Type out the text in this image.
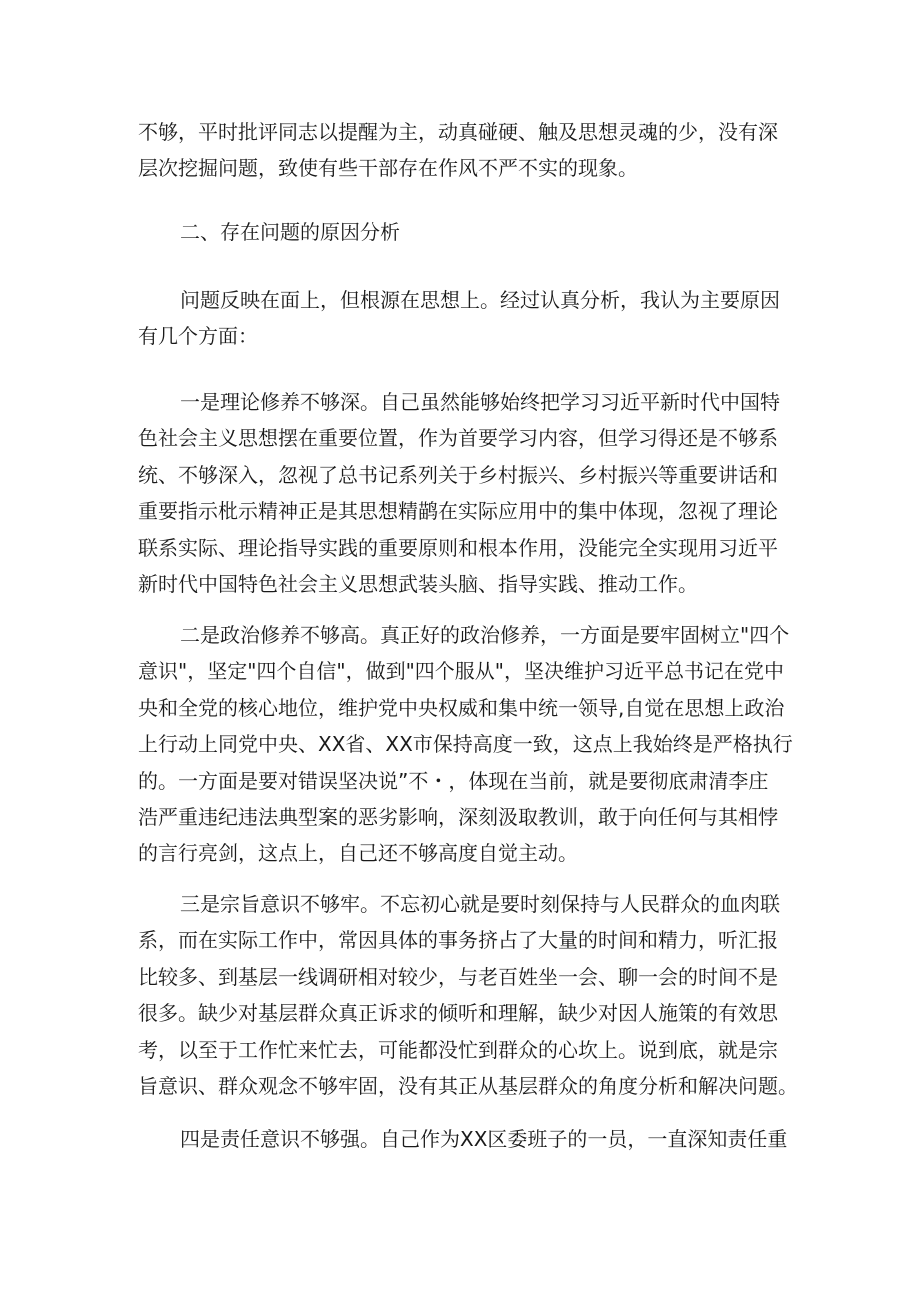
不够，平时批评同志以提醒为主，动真碰硬、触及思想灵魂的少，没有深
层次挖掘问题，致使有些干部存在作风不严不实的现象。

二、存在问题的原因分析

问题反映在面上，但根源在思想上。经过认真分析，我认为主要原因
有几个方面：

一是理论修养不够深。自己虽然能够始终把学习习近平新时代中国特
色社会主义思想摆在重要位置，作为首要学习内容，但学习得还是不够系
统、不够深入，忽视了总书记系列关于乡村振兴、乡村振兴等重要讲话和
重要指示枇示精神正是其思想精鹋在实际应用中的集中体现，忽视了理论
联系实际、理论指导实践的重要原则和根本作用，没能完全实现用习近平
新时代中国特色社会主义思想武装头脑、指导实践、推动工作。

二是政治修养不够高。真正好的政治修养，一方面是要牢固树立"四个
意识"，坚定"四个自信"，做到"四个服从"，坚决维护习近平总书记在党中
央和全党的核心地位，维护党中央权威和集中统一领导,自觉在思想上政治
上行动上同党中央、XX省、XX市保持高度一致，这点上我始终是严格执行
的。一方面是要对错误坚决说”不・，体现在当前，就是要彻底肃清李庄
浩严重违纪违法典型案的恶劣影响，深刻汲取教训，敢于向任何与其相悖
的言行亮剑，这点上，自己还不够高度自觉主动。

三是宗旨意识不够牢。不忘初心就是要时刻保持与人民群众的血肉联
系，而在实际工作中，常因具体的事务挤占了大量的时间和精力，听汇报
比较多、到基层一线调研相对较少，与老百姓坐一会、聊一会的时间不是
很多。缺少对基层群众真正诉求的倾听和理解，缺少对因人施策的有效思
考，以至于工作忙来忙去，可能都没忙到群众的心坎上。说到底，就是宗
旨意识、群众观念不够牢固，没有其正从基层群众的角度分析和解决问题。

四是责任意识不够强。自己作为XX区委班子的一员，一直深知责任重
